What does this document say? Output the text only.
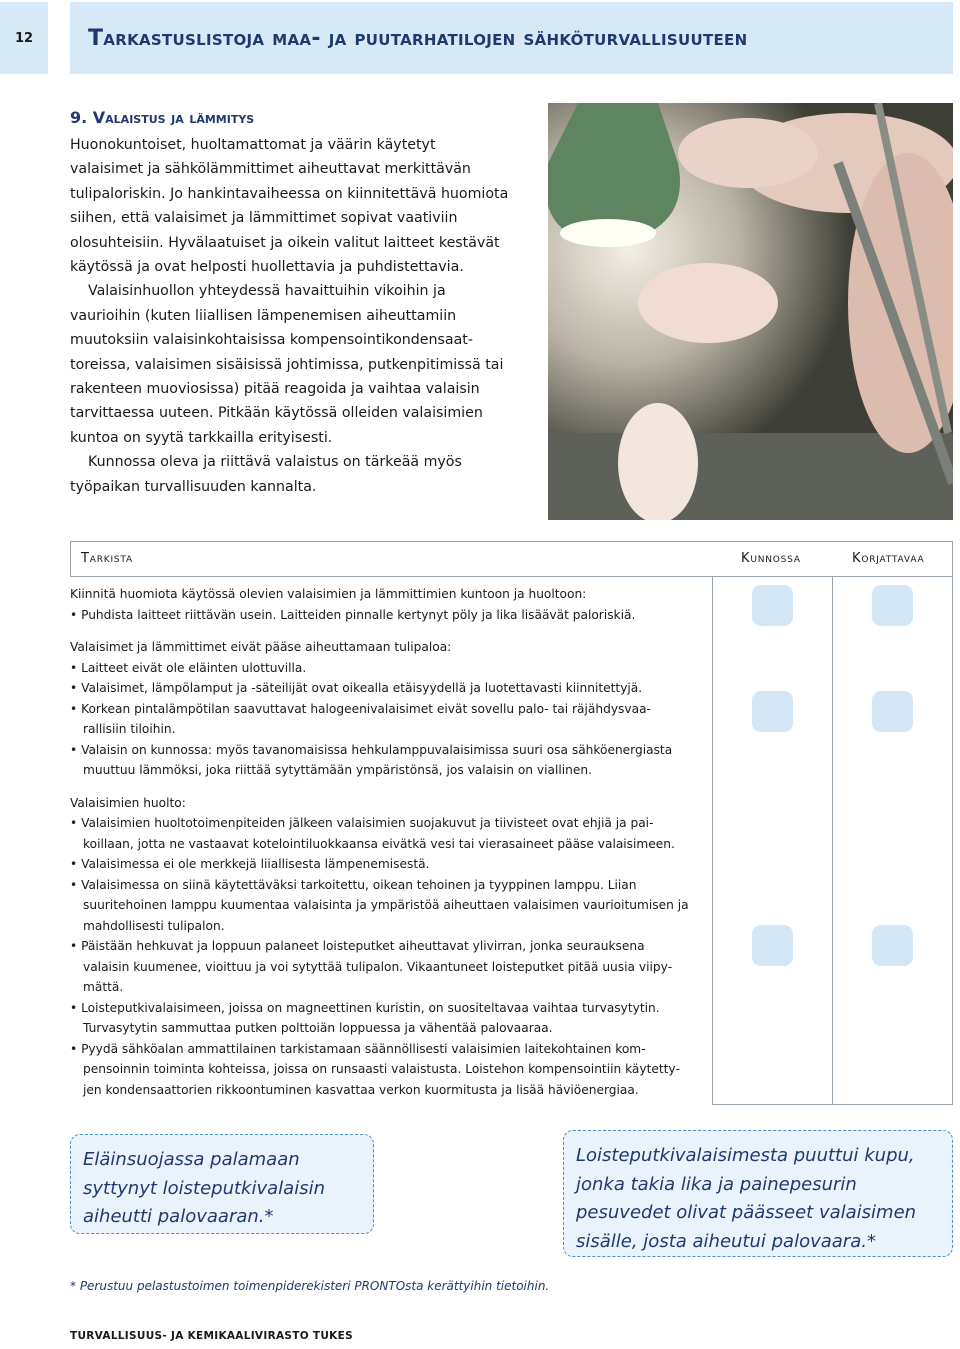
12	Tarkastuslistoja maa- ja puutarhatilojen sähköturvallisuuteen
9. Valaistus ja lämmitys

Huonokuntoiset, huoltamattomat ja väärin käytetyt valaisimet ja sähkölämmittimet aiheuttavat merkittävän tulipaloriskin. Jo hankintavaiheessa on kiinnitettävä huomiota siihen, että valaisimet ja lämmittimet sopivat vaativiin olosuhteisiin. Hyvälaatuiset ja oikein valitut laitteet kestävät käytössä ja ovat helposti huollettavia ja puhdistettavia.

Valaisinhuollon yhteydessä havaittuihin vikoihin ja vaurioihin (kuten liiallisen lämpenemisen aiheuttamiin muutoksiin valaisinkohtaisissa kompensointikondensaattoreissa, valaisimen sisäisissä johtimissa, putkenpitimissä tai rakenteen muoviosissa) pitää reagoida ja vaihtaa valaisin tarvittaessa uuteen. Pitkään käytössä olleiden valaisimien kuntoa on syytä tarkkailla erityisesti.

Kunnossa oleva ja riittävä valaistus on tärkeää myös työpaikan turvallisuuden kannalta.

Tarkista	Kunnossa	Korjattavaa
Kiinnitä huomiota käytössä olevien valaisimien ja lämmittimien kuntoon ja huoltoon:
• Puhdista laitteet riittävän usein. Laitteiden pinnalle kertynyt pöly ja lika lisäävät paloriskiä.
Valaisimet ja lämmittimet eivät pääse aiheuttamaan tulipaloa:
• Laitteet eivät ole eläinten ulottuvilla.
• Valaisimet, lämpölamput ja -säteilijät ovat oikealla etäisyydellä ja luotettavasti kiinnitettyjä.
• Korkean pintalämpötilan saavuttavat halogeenivalaisimet eivät sovellu palo- tai räjähdysvaarallisiin tiloihin.
• Valaisin on kunnossa: myös tavanomaisissa hehkulamppuvalaisimissa suuri osa sähköenergiasta muuttuu lämmöksi, joka riittää sytyttämään ympäristönsä, jos valaisin on viallinen.
Valaisimien huolto:
• Valaisimien huoltotoimenpiteiden jälkeen valaisimien suojakuvut ja tiivisteet ovat ehjiä ja paikoillaan, jotta ne vastaavat kotelointiluokkaansa eivätkä vesi tai vierasaineet pääse valaisimeen.
• Valaisimessa ei ole merkkejä liiallisesta lämpenemisestä.
• Valaisimessa on siinä käytettäväksi tarkoitettu, oikean tehoinen ja tyyppinen lamppu. Liian suuritehoinen lamppu kuumentaa valaisinta ja ympäristöä aiheuttaen valaisimen vaurioitumisen ja mahdollisesti tulipalon.
• Päistään hehkuvat ja loppuun palaneet loisteputket aiheuttavat ylivirran, jonka seurauksena valaisin kuumenee, vioittuu ja voi sytyttää tulipalon. Vikaantuneet loisteputket pitää uusia viipymättä.
• Loisteputkivalaisimeen, joissa on magneettinen kuristin, on suositeltavaa vaihtaa turvasytytin. Turvasytytin sammuttaa putken polttoiän loppuessa ja vähentää palovaaraa.
• Pyydä sähköalan ammattilainen tarkistamaan säännöllisesti valaisimien laitekohtainen kompensoinnin toiminta kohteissa, joissa on runsaasti valaistusta. Loistehon kompensointiin käytettyjen kondensaattorien rikkoontuminen kasvattaa verkon kuormitusta ja lisää häviöenergiaa.
Eläinsuojassa palamaan syttynyt loisteputkivalaisin aiheutti palovaaran.*
Loisteputkivalaisimesta puuttui kupu, jonka takia lika ja painepesurin pesuvedet olivat päässeet valaisimen sisälle, josta aiheutui palovaara.*
* Perustuu pelastustoimen toimenpiderekisteri PRONTOsta kerättyihin tietoihin.
TURVALLISUUS- JA KEMIKAALIVIRASTO TUKES
